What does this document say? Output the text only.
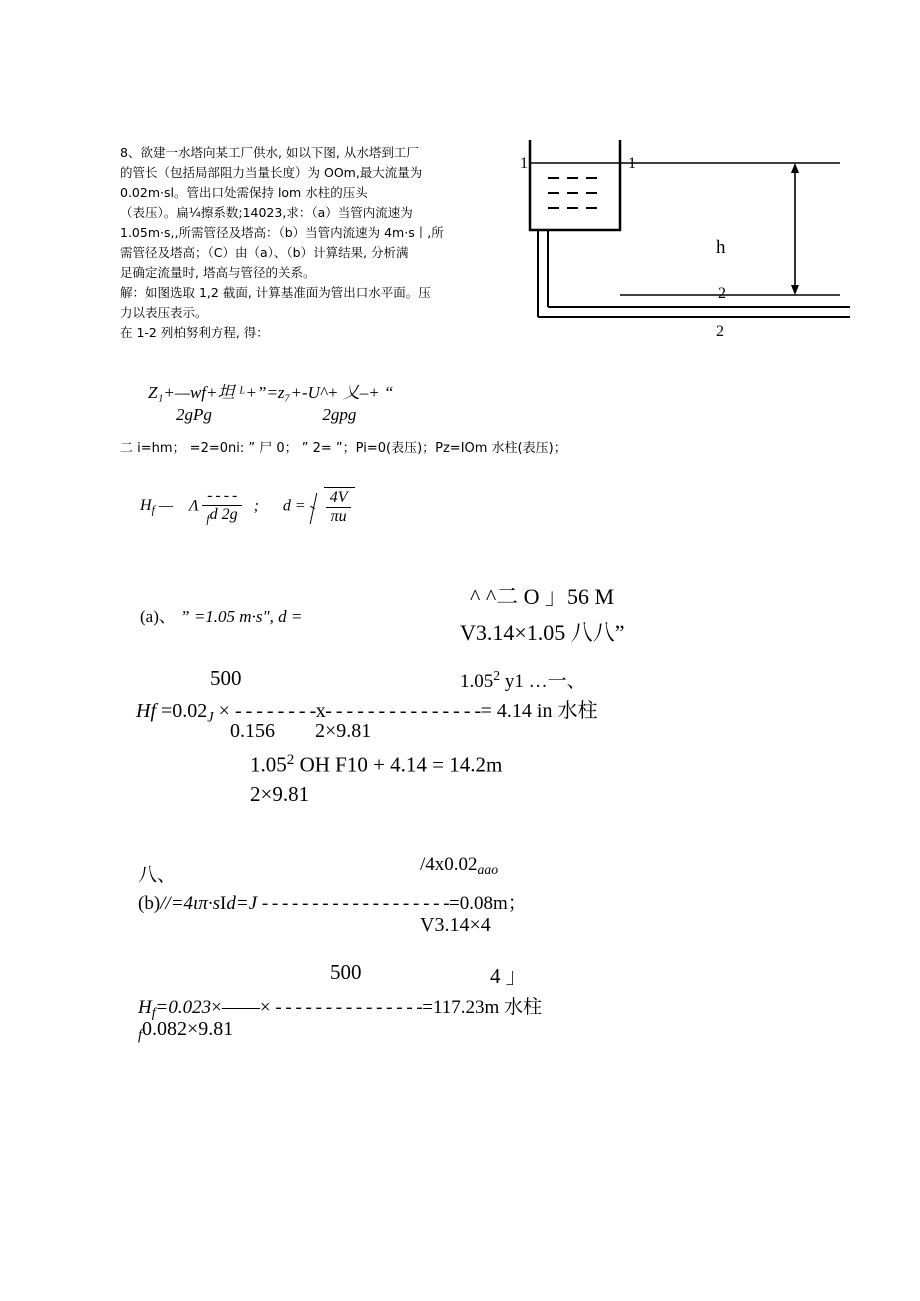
8、欲建一水塔向某工厂供水, 如以下图, 从水塔到工厂

的管长（包括局部阻力当量长度）为 OOm,最大流量为

0.02m·sl。管出口处需保持 lom 水柱的压头

（表压）。扁¼擦系数;14023,求：（a）当管内流速为

1.05m·s,,所需管径及塔高：（b）当管内流速为 4m·s丨,所

需管径及塔高；（C）由（a）、（b）计算结果, 分析满

足确定流量时, 塔高与管径的关系。

解：如图选取 1,2 截面, 计算基准面为管出口水平面。压

力以表压表示。

在 1-2 列柏努利方程, 得：

1	1
h
2
2
Z₁+—wf+坦 ᴸ+”=z₇+-U^+ 乂–+ “
2gPg                          2gpg
二 i=hm； =2=0ni: ” 尸 0； ” 2= ”；Pi=0(表压)；Pz=IOm 水柱(表压)；
$H_f$ — Λ $\frac{- - - -}{_fd 2g}$ ;      $d = \frac{4V}{\pi u}$
(a)、 ” =1.05 m·s", d =
^ ^二 O 」56 M
V3.14×1.05 八八”
500	1.05$^2$ y1 …一、
$Hf =0.02_J$ × - - - - - - - -x- - - - - - - - - - - - - - -= 4.14 in 水柱
0.156 2×9.81
1.05$^2$ OH F10 + 4.14 = 14.2m
2×9.81
八、	$/4x0.02_{aao}$
(b)//=4ιπ·sId=J - - - - - - - - - - - - - - - - - - -=0.08m；
V3.14×4
500	4 」
$H_f=0.023\times——\times$ - - - - - - - - - - - - - - -=117.23m 水柱
$_f$0.082×9.81
